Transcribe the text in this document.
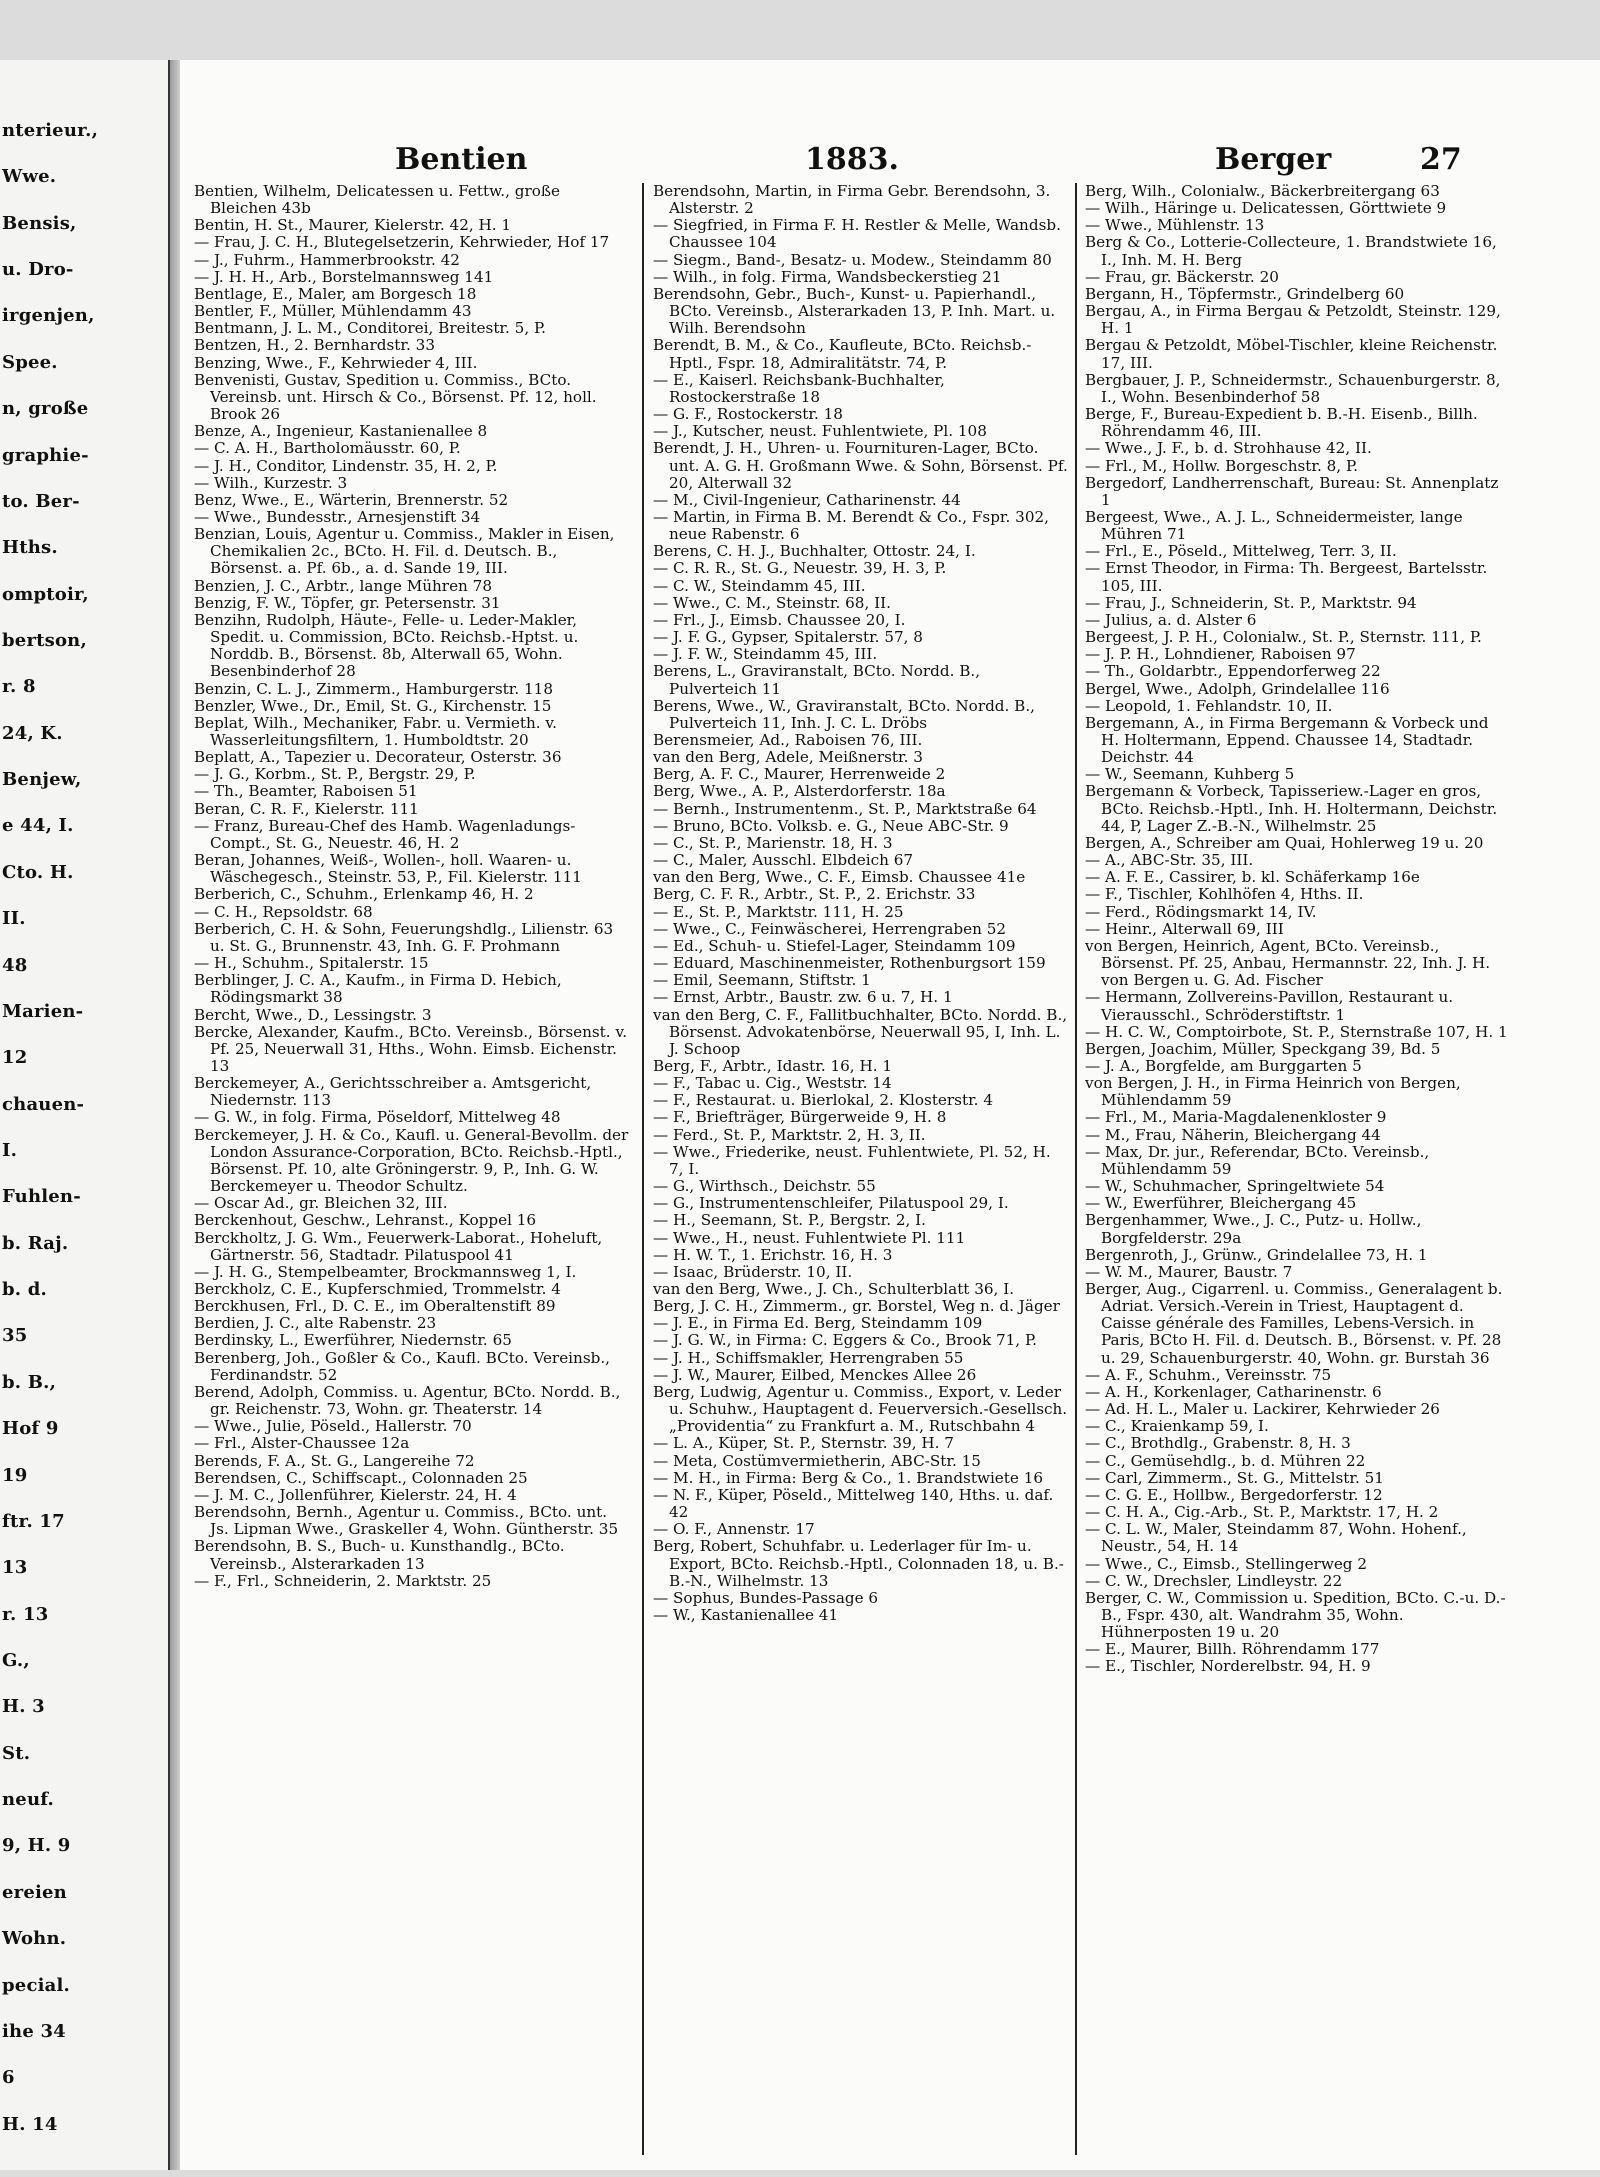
nterieur.,
Wwe.
Bensis,
u. Dro-
irgenjen,
Spee.
n, große
graphie-
to. Ber-
Hths.
omptoir,
bertson,
r. 8
24, K.
Benjew,
e 44, I.
Cto. H.
II.
48
Marien-
12
chauen-
I.
Fuhlen-
b. Raj.
b. d.
35
b. B.,
Hof 9
19
ftr. 17
13
r. 13
G.,
H. 3
St.
neuf.
9, H. 9
ereien
Wohn.
pecial.
ihe 34
6
H. 14
Bentien	1883.	Berger	27

Bentien, Wilhelm, Delicatessen u. Fettw., große Bleichen 43b

Bentin, H. St., Maurer, Kielerstr. 42, H. 1

— Frau, J. C. H., Blutegelsetzerin, Kehrwieder, Hof 17

— J., Fuhrm., Hammerbrookstr. 42

— J. H. H., Arb., Borstelmannsweg 141

Bentlage, E., Maler, am Borgesch 18

Bentler, F., Müller, Mühlendamm 43

Bentmann, J. L. M., Conditorei, Breitestr. 5, P.

Bentzen, H., 2. Bernhardstr. 33

Benzing, Wwe., F., Kehrwieder 4, III.

Benvenisti, Gustav, Spedition u. Commiss., BCto. Vereinsb. unt. Hirsch & Co., Börsenst. Pf. 12, holl. Brook 26

Benze, A., Ingenieur, Kastanienallee 8

— C. A. H., Bartholomäusstr. 60, P.

— J. H., Conditor, Lindenstr. 35, H. 2, P.

— Wilh., Kurzestr. 3

Benz, Wwe., E., Wärterin, Brennerstr. 52

— Wwe., Bundesstr., Arnesjenstift 34

Benzian, Louis, Agentur u. Commiss., Makler in Eisen, Chemikalien 2c., BCto. H. Fil. d. Deutsch. B., Börsenst. a. Pf. 6b., a. d. Sande 19, III.

Benzien, J. C., Arbtr., lange Mühren 78

Benzig, F. W., Töpfer, gr. Petersenstr. 31

Benzihn, Rudolph, Häute-, Felle- u. Leder-Makler, Spedit. u. Commission, BCto. Reichsb.-Hptst. u. Norddb. B., Börsenst. 8b, Alterwall 65, Wohn. Besenbinderhof 28

Benzin, C. L. J., Zimmerm., Hamburgerstr. 118

Benzler, Wwe., Dr., Emil, St. G., Kirchenstr. 15

Beplat, Wilh., Mechaniker, Fabr. u. Vermieth. v. Wasserleitungsfiltern, 1. Humboldtstr. 20

Beplatt, A., Tapezier u. Decorateur, Osterstr. 36

— J. G., Korbm., St. P., Bergstr. 29, P.

— Th., Beamter, Raboisen 51

Beran, C. R. F., Kielerstr. 111

— Franz, Bureau-Chef des Hamb. Wagenladungs-Compt., St. G., Neuestr. 46, H. 2

Beran, Johannes, Weiß-, Wollen-, holl. Waaren- u. Wäschegesch., Steinstr. 53, P., Fil. Kielerstr. 111

Berberich, C., Schuhm., Erlenkamp 46, H. 2

— C. H., Repsoldstr. 68

Berberich, C. H. & Sohn, Feuerungshdlg., Lilienstr. 63 u. St. G., Brunnenstr. 43, Inh. G. F. Prohmann

— H., Schuhm., Spitalerstr. 15

Berblinger, J. C. A., Kaufm., in Firma D. Hebich, Rödingsmarkt 38

Bercht, Wwe., D., Lessingstr. 3

Bercke, Alexander, Kaufm., BCto. Vereinsb., Börsenst. v. Pf. 25, Neuerwall 31, Hths., Wohn. Eimsb. Eichenstr. 13

Berckemeyer, A., Gerichtsschreiber a. Amtsgericht, Niedernstr. 113

— G. W., in folg. Firma, Pöseldorf, Mittelweg 48

Berckemeyer, J. H. & Co., Kaufl. u. General-Bevollm. der London Assurance-Corporation, BCto. Reichsb.-Hptl., Börsenst. Pf. 10, alte Gröningerstr. 9, P., Inh. G. W. Berckemeyer u. Theodor Schultz.

— Oscar Ad., gr. Bleichen 32, III.

Berckenhout, Geschw., Lehranst., Koppel 16

Berckholtz, J. G. Wm., Feuerwerk-Laborat., Hoheluft, Gärtnerstr. 56, Stadtadr. Pilatuspool 41

— J. H. G., Stempelbeamter, Brockmannsweg 1, I.

Berckholz, C. E., Kupferschmied, Trommelstr. 4

Berckhusen, Frl., D. C. E., im Oberaltenstift 89

Berdien, J. C., alte Rabenstr. 23

Berdinsky, L., Ewerführer, Niedernstr. 65

Berenberg, Joh., Goßler & Co., Kaufl. BCto. Vereinsb., Ferdinandstr. 52

Berend, Adolph, Commiss. u. Agentur, BCto. Nordd. B., gr. Reichenstr. 73, Wohn. gr. Theaterstr. 14

— Wwe., Julie, Pöseld., Hallerstr. 70

— Frl., Alster-Chaussee 12a

Berends, F. A., St. G., Langereihe 72

Berendsen, C., Schiffscapt., Colonnaden 25

— J. M. C., Jollenführer, Kielerstr. 24, H. 4

Berendsohn, Bernh., Agentur u. Commiss., BCto. unt. Js. Lipman Wwe., Graskeller 4, Wohn. Güntherstr. 35

Berendsohn, B. S., Buch- u. Kunsthandlg., BCto. Vereinsb., Alsterarkaden 13

— F., Frl., Schneiderin, 2. Marktstr. 25

Berendsohn, Martin, in Firma Gebr. Berendsohn, 3. Alsterstr. 2

— Siegfried, in Firma F. H. Restler & Melle, Wandsb. Chaussee 104

— Siegm., Band-, Besatz- u. Modew., Steindamm 80

— Wilh., in folg. Firma, Wandsbeckerstieg 21

Berendsohn, Gebr., Buch-, Kunst- u. Papierhandl., BCto. Vereinsb., Alsterarkaden 13, P. Inh. Mart. u. Wilh. Berendsohn

Berendt, B. M., & Co., Kaufleute, BCto. Reichsb.-Hptl., Fspr. 18, Admiralitätstr. 74, P.

— E., Kaiserl. Reichsbank-Buchhalter, Rostockerstraße 18

— G. F., Rostockerstr. 18

— J., Kutscher, neust. Fuhlentwiete, Pl. 108

Berendt, J. H., Uhren- u. Fournituren-Lager, BCto. unt. A. G. H. Großmann Wwe. & Sohn, Börsenst. Pf. 20, Alterwall 32

— M., Civil-Ingenieur, Catharinenstr. 44

— Martin, in Firma B. M. Berendt & Co., Fspr. 302, neue Rabenstr. 6

Berens, C. H. J., Buchhalter, Ottostr. 24, I.

— C. R. R., St. G., Neuestr. 39, H. 3, P.

— C. W., Steindamm 45, III.

— Wwe., C. M., Steinstr. 68, II.

— Frl., J., Eimsb. Chaussee 20, I.

— J. F. G., Gypser, Spitalerstr. 57, 8

— J. F. W., Steindamm 45, III.

Berens, L., Graviranstalt, BCto. Nordd. B., Pulverteich 11

Berens, Wwe., W., Graviranstalt, BCto. Nordd. B., Pulverteich 11, Inh. J. C. L. Dröbs

Berensmeier, Ad., Raboisen 76, III.

van den Berg, Adele, Meißnerstr. 3

Berg, A. F. C., Maurer, Herrenweide 2

Berg, Wwe., A. P., Alsterdorferstr. 18a

— Bernh., Instrumentenm., St. P., Marktstraße 64

— Bruno, BCto. Volksb. e. G., Neue ABC-Str. 9

— C., St. P., Marienstr. 18, H. 3

— C., Maler, Ausschl. Elbdeich 67

van den Berg, Wwe., C. F., Eimsb. Chaussee 41e

Berg, C. F. R., Arbtr., St. P., 2. Erichstr. 33

— E., St. P., Marktstr. 111, H. 25

— Wwe., C., Feinwäscherei, Herrengraben 52

— Ed., Schuh- u. Stiefel-Lager, Steindamm 109

— Eduard, Maschinenmeister, Rothenburgsort 159

— Emil, Seemann, Stiftstr. 1

— Ernst, Arbtr., Baustr. zw. 6 u. 7, H. 1

van den Berg, C. F., Fallitbuchhalter, BCto. Nordd. B., Börsenst. Advokatenbörse, Neuerwall 95, I, Inh. L. J. Schoop

Berg, F., Arbtr., Idastr. 16, H. 1

— F., Tabac u. Cig., Weststr. 14

— F., Restaurat. u. Bierlokal, 2. Klosterstr. 4

— F., Briefträger, Bürgerweide 9, H. 8

— Ferd., St. P., Marktstr. 2, H. 3, II.

— Wwe., Friederike, neust. Fuhlentwiete, Pl. 52, H. 7, I.

— G., Wirthsch., Deichstr. 55

— G., Instrumentenschleifer, Pilatuspool 29, I.

— H., Seemann, St. P., Bergstr. 2, I.

— Wwe., H., neust. Fuhlentwiete Pl. 111

— H. W. T., 1. Erichstr. 16, H. 3

— Isaac, Brüderstr. 10, II.

van den Berg, Wwe., J. Ch., Schulterblatt 36, I.

Berg, J. C. H., Zimmerm., gr. Borstel, Weg n. d. Jäger

— J. E., in Firma Ed. Berg, Steindamm 109

— J. G. W., in Firma: C. Eggers & Co., Brook 71, P.

— J. H., Schiffsmakler, Herrengraben 55

— J. W., Maurer, Eilbed, Menckes Allee 26

Berg, Ludwig, Agentur u. Commiss., Export, v. Leder u. Schuhw., Hauptagent d. Feuerversich.-Gesellsch. „Providentia“ zu Frankfurt a. M., Rutschbahn 4

— L. A., Küper, St. P., Sternstr. 39, H. 7

— Meta, Costümvermietherin, ABC-Str. 15

— M. H., in Firma: Berg & Co., 1. Brandstwiete 16

— N. F., Küper, Pöseld., Mittelweg 140, Hths. u. daf. 42

— O. F., Annenstr. 17

Berg, Robert, Schuhfabr. u. Lederlager für Im- u. Export, BCto. Reichsb.-Hptl., Colonnaden 18, u. B.-B.-N., Wilhelmstr. 13

— Sophus, Bundes-Passage 6

— W., Kastanienallee 41

Berg, Wilh., Colonialw., Bäckerbreitergang 63

— Wilh., Häringe u. Delicatessen, Görttwiete 9

— Wwe., Mühlenstr. 13

Berg & Co., Lotterie-Collecteure, 1. Brandstwiete 16, I., Inh. M. H. Berg

— Frau, gr. Bäckerstr. 20

Bergann, H., Töpfermstr., Grindelberg 60

Bergau, A., in Firma Bergau & Petzoldt, Steinstr. 129, H. 1

Bergau & Petzoldt, Möbel-Tischler, kleine Reichenstr. 17, III.

Bergbauer, J. P., Schneidermstr., Schauenburgerstr. 8, I., Wohn. Besenbinderhof 58

Berge, F., Bureau-Expedient b. B.-H. Eisenb., Billh. Röhrendamm 46, III.

— Wwe., J. F., b. d. Strohhause 42, II.

— Frl., M., Hollw. Borgeschstr. 8, P.

Bergedorf, Landherrenschaft, Bureau: St. Annenplatz 1

Bergeest, Wwe., A. J. L., Schneidermeister, lange Mühren 71

— Frl., E., Pöseld., Mittelweg, Terr. 3, II.

— Ernst Theodor, in Firma: Th. Bergeest, Bartelsstr. 105, III.

— Frau, J., Schneiderin, St. P., Marktstr. 94

— Julius, a. d. Alster 6

Bergeest, J. P. H., Colonialw., St. P., Sternstr. 111, P.

— J. P. H., Lohndiener, Raboisen 97

— Th., Goldarbtr., Eppendorferweg 22

Bergel, Wwe., Adolph, Grindelallee 116

— Leopold, 1. Fehlandstr. 10, II.

Bergemann, A., in Firma Bergemann & Vorbeck und H. Holtermann, Eppend. Chaussee 14, Stadtadr. Deichstr. 44

— W., Seemann, Kuhberg 5

Bergemann & Vorbeck, Tapisseriew.-Lager en gros, BCto. Reichsb.-Hptl., Inh. H. Holtermann, Deichstr. 44, P, Lager Z.-B.-N., Wilhelmstr. 25

Bergen, A., Schreiber am Quai, Hohlerweg 19 u. 20

— A., ABC-Str. 35, III.

— A. F. E., Cassirer, b. kl. Schäferkamp 16e

— F., Tischler, Kohlhöfen 4, Hths. II.

— Ferd., Rödingsmarkt 14, IV.

— Heinr., Alterwall 69, III

von Bergen, Heinrich, Agent, BCto. Vereinsb., Börsenst. Pf. 25, Anbau, Hermannstr. 22, Inh. J. H. von Bergen u. G. Ad. Fischer

— Hermann, Zollvereins-Pavillon, Restaurant u. Vierausschl., Schröderstiftstr. 1

— H. C. W., Comptoirbote, St. P., Sternstraße 107, H. 1

Bergen, Joachim, Müller, Speckgang 39, Bd. 5

— J. A., Borgfelde, am Burggarten 5

von Bergen, J. H., in Firma Heinrich von Bergen, Mühlendamm 59

— Frl., M., Maria-Magdalenenkloster 9

— M., Frau, Näherin, Bleichergang 44

— Max, Dr. jur., Referendar, BCto. Vereinsb., Mühlendamm 59

— W., Schuhmacher, Springeltwiete 54

— W., Ewerführer, Bleichergang 45

Bergenhammer, Wwe., J. C., Putz- u. Hollw., Borgfelderstr. 29a

Bergenroth, J., Grünw., Grindelallee 73, H. 1

— W. M., Maurer, Baustr. 7

Berger, Aug., Cigarrenl. u. Commiss., Generalagent b. Adriat. Versich.-Verein in Triest, Hauptagent d. Caisse générale des Familles, Lebens-Versich. in Paris, BCto H. Fil. d. Deutsch. B., Börsenst. v. Pf. 28 u. 29, Schauenburgerstr. 40, Wohn. gr. Burstah 36

— A. F., Schuhm., Vereinsstr. 75

— A. H., Korkenlager, Catharinenstr. 6

— Ad. H. L., Maler u. Lackirer, Kehrwieder 26

— C., Kraienkamp 59, I.

— C., Brothdlg., Grabenstr. 8, H. 3

— C., Gemüsehdlg., b. d. Mühren 22

— Carl, Zimmerm., St. G., Mittelstr. 51

— C. G. E., Hollbw., Bergedorferstr. 12

— C. H. A., Cig.-Arb., St. P., Marktstr. 17, H. 2

— C. L. W., Maler, Steindamm 87, Wohn. Hohenf., Neustr., 54, H. 14

— Wwe., C., Eimsb., Stellingerweg 2

— C. W., Drechsler, Lindleystr. 22

Berger, C. W., Commission u. Spedition, BCto. C.-u. D.-B., Fspr. 430, alt. Wandrahm 35, Wohn. Hühnerposten 19 u. 20

— E., Maurer, Billh. Röhrendamm 177

— E., Tischler, Norderelbstr. 94, H. 9
